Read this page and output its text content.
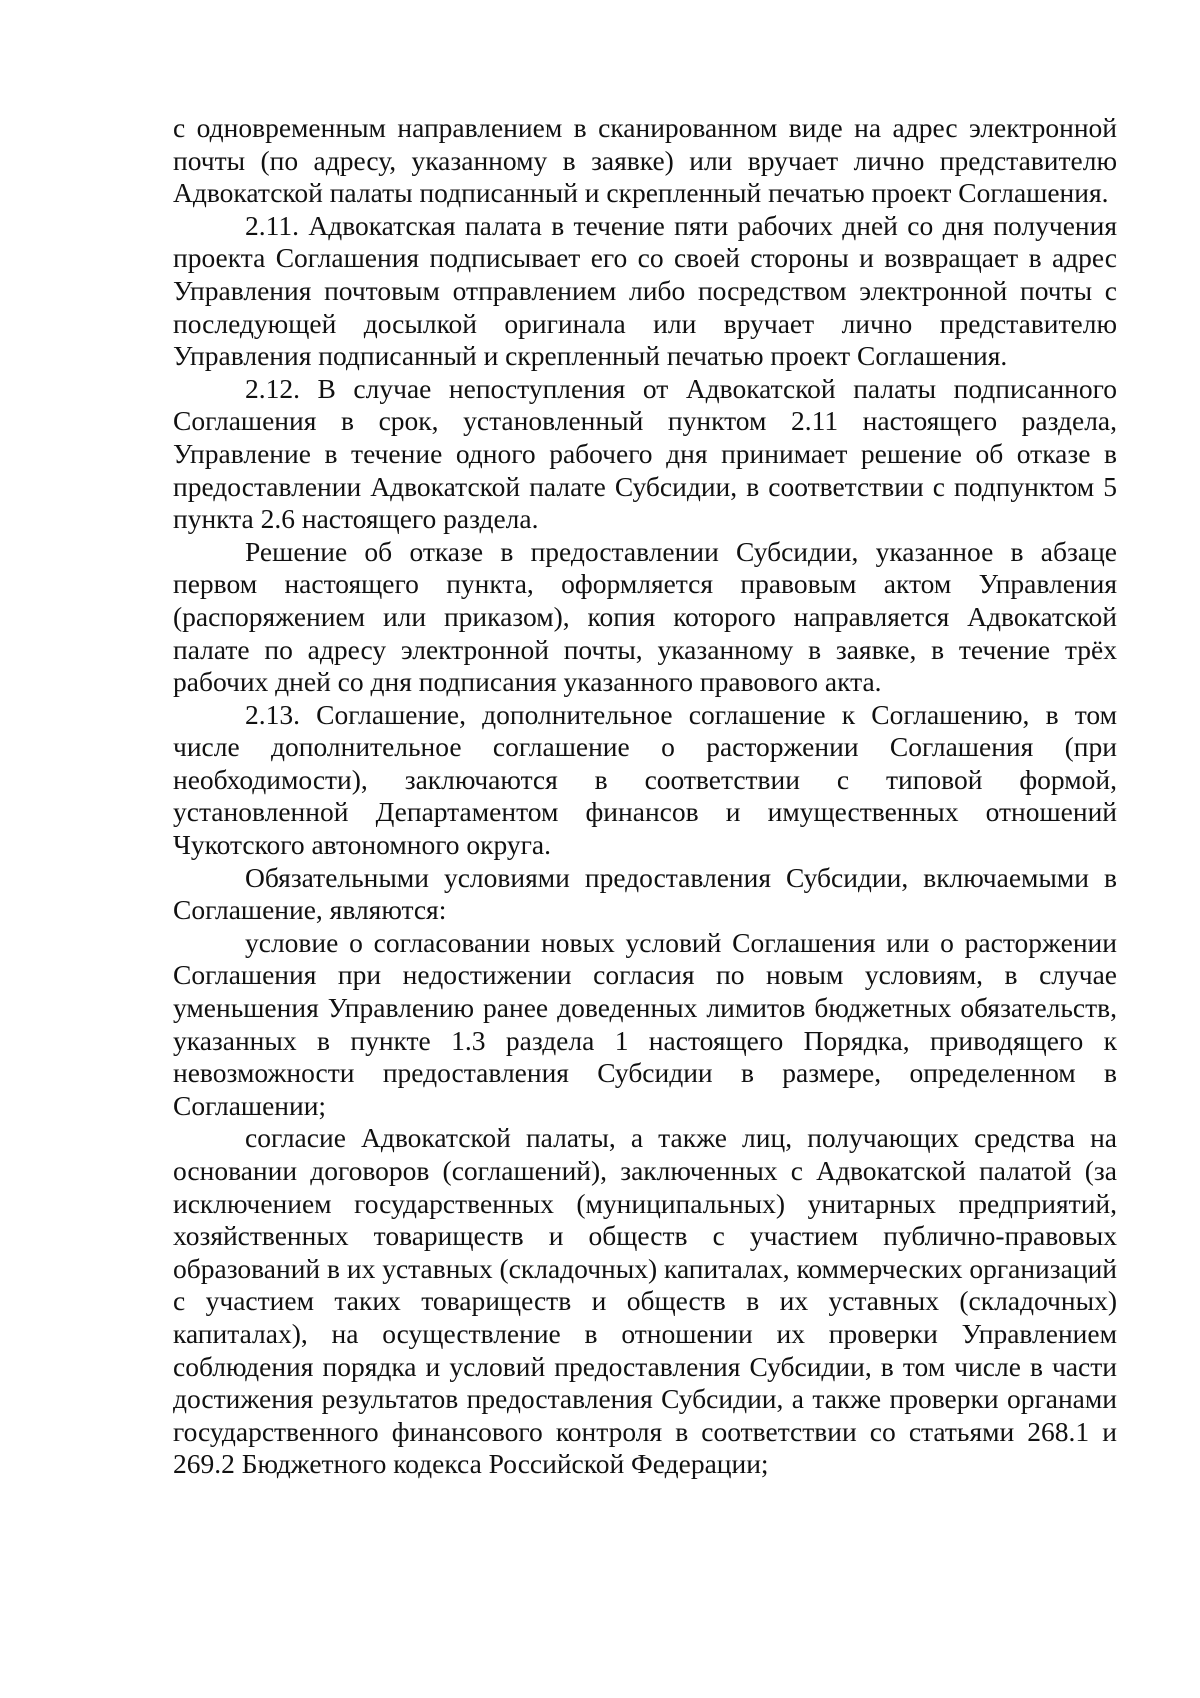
с одновременным направлением в сканированном виде на адрес электронной почты (по адресу, указанному в заявке) или вручает лично представителю Адвокатской палаты подписанный и скрепленный печатью проект Соглашения.

2.11. Адвокатская палата в течение пяти рабочих дней со дня получения проекта Соглашения подписывает его со своей стороны и возвращает в адрес Управления почтовым отправлением либо посредством электронной почты с последующей досылкой оригинала или вручает лично представителю Управления подписанный и скрепленный печатью проект Соглашения.

2.12. В случае непоступления от Адвокатской палаты подписанного Соглашения в срок, установленный пунктом 2.11 настоящего раздела, Управление в течение одного рабочего дня принимает решение об отказе в предоставлении Адвокатской палате Субсидии, в соответствии с подпунктом 5 пункта 2.6 настоящего раздела.

Решение об отказе в предоставлении Субсидии, указанное в абзаце первом настоящего пункта, оформляется правовым актом Управления (распоряжением или приказом), копия которого направляется Адвокатской палате по адресу электронной почты, указанному в заявке, в течение трёх рабочих дней со дня подписания указанного правового акта.

2.13. Соглашение, дополнительное соглашение к Соглашению, в том числе дополнительное соглашение о расторжении Соглашения (при необходимости), заключаются в соответствии с типовой формой, установленной Департаментом финансов и имущественных отношений Чукотского автономного округа.

Обязательными условиями предоставления Субсидии, включаемыми в Соглашение, являются:

условие о согласовании новых условий Соглашения или о расторжении Соглашения при недостижении согласия по новым условиям, в случае уменьшения Управлению ранее доведенных лимитов бюджетных обязательств, указанных в пункте 1.3 раздела 1 настоящего Порядка, приводящего к невозможности предоставления Субсидии в размере, определенном в Соглашении;

согласие Адвокатской палаты, а также лиц, получающих средства на основании договоров (соглашений), заключенных с Адвокатской палатой (за исключением государственных (муниципальных) унитарных предприятий, хозяйственных товариществ и обществ с участием публично-правовых образований в их уставных (складочных) капиталах, коммерческих организаций с участием таких товариществ и обществ в их уставных (складочных) капиталах), на осуществление в отношении их проверки Управлением соблюдения порядка и условий предоставления Субсидии, в том числе в части достижения результатов предоставления Субсидии, а также проверки органами государственного финансового контроля в соответствии со статьями 268.1 и 269.2 Бюджетного кодекса Российской Федерации;
